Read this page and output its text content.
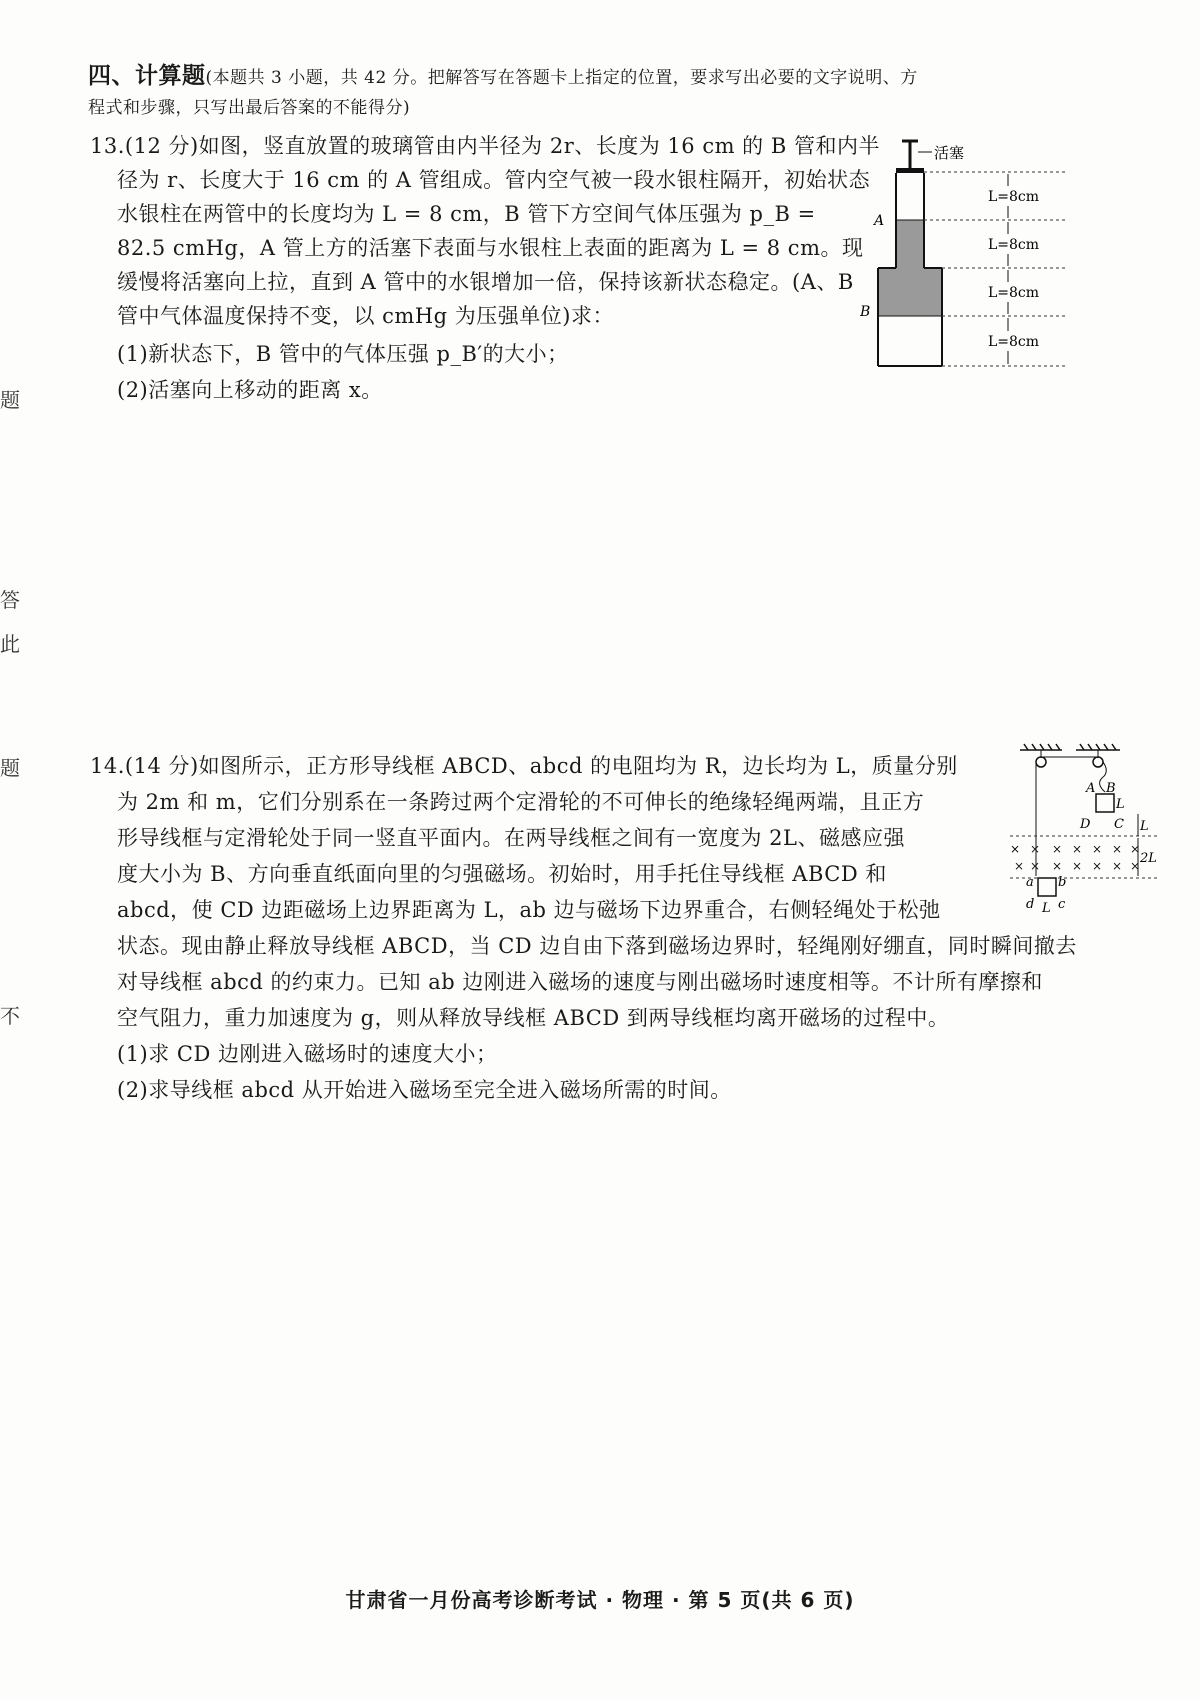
题
答
此
题
不
四、计算题(本题共 3 小题，共 42 分。把解答写在答题卡上指定的位置，要求写出必要的文字说明、方
程式和步骤，只写出最后答案的不能得分)
13.(12 分)如图，竖直放置的玻璃管由内半径为 2r、长度为 16 cm 的 B 管和内半
径为 r、长度大于 16 cm 的 A 管组成。管内空气被一段水银柱隔开，初始状态
水银柱在两管中的长度均为 L = 8 cm，B 管下方空间气体压强为 p_B =
82.5 cmHg，A 管上方的活塞下表面与水银柱上表面的距离为 L = 8 cm。现
缓慢将活塞向上拉，直到 A 管中的水银增加一倍，保持该新状态稳定。(A、B
管中气体温度保持不变，以 cmHg 为压强单位)求：
(1)新状态下，B 管中的气体压强 p_B′的大小；
(2)活塞向上移动的距离 x。
活塞
A
B
L=8cm
L=8cm
L=8cm
L=8cm
14.(14 分)如图所示，正方形导线框 ABCD、abcd 的电阻均为 R，边长均为 L，质量分别
为 2m 和 m，它们分别系在一条跨过两个定滑轮的不可伸长的绝缘轻绳两端，且正方
形导线框与定滑轮处于同一竖直平面内。在两导线框之间有一宽度为 2L、磁感应强
度大小为 B、方向垂直纸面向里的匀强磁场。初始时，用手托住导线框 ABCD 和
abcd，使 CD 边距磁场上边界距离为 L，ab 边与磁场下边界重合，右侧轻绳处于松弛
状态。现由静止释放导线框 ABCD，当 CD 边自由下落到磁场边界时，轻绳刚好绷直，同时瞬间撤去
对导线框 abcd 的约束力。已知 ab 边刚进入磁场的速度与刚出磁场时速度相等。不计所有摩擦和
空气阻力，重力加速度为 g，则从释放导线框 ABCD 到两导线框均离开磁场的过程中。
(1)求 CD 边刚进入磁场时的速度大小；
(2)求导线框 abcd 从开始进入磁场至完全进入磁场所需的时间。
× × × × × ×
× × × × × × ×
×
A B
L
D C L
2L
a b
d L c
甘肃省一月份高考诊断考试 · 物理 · 第 5 页(共 6 页)
